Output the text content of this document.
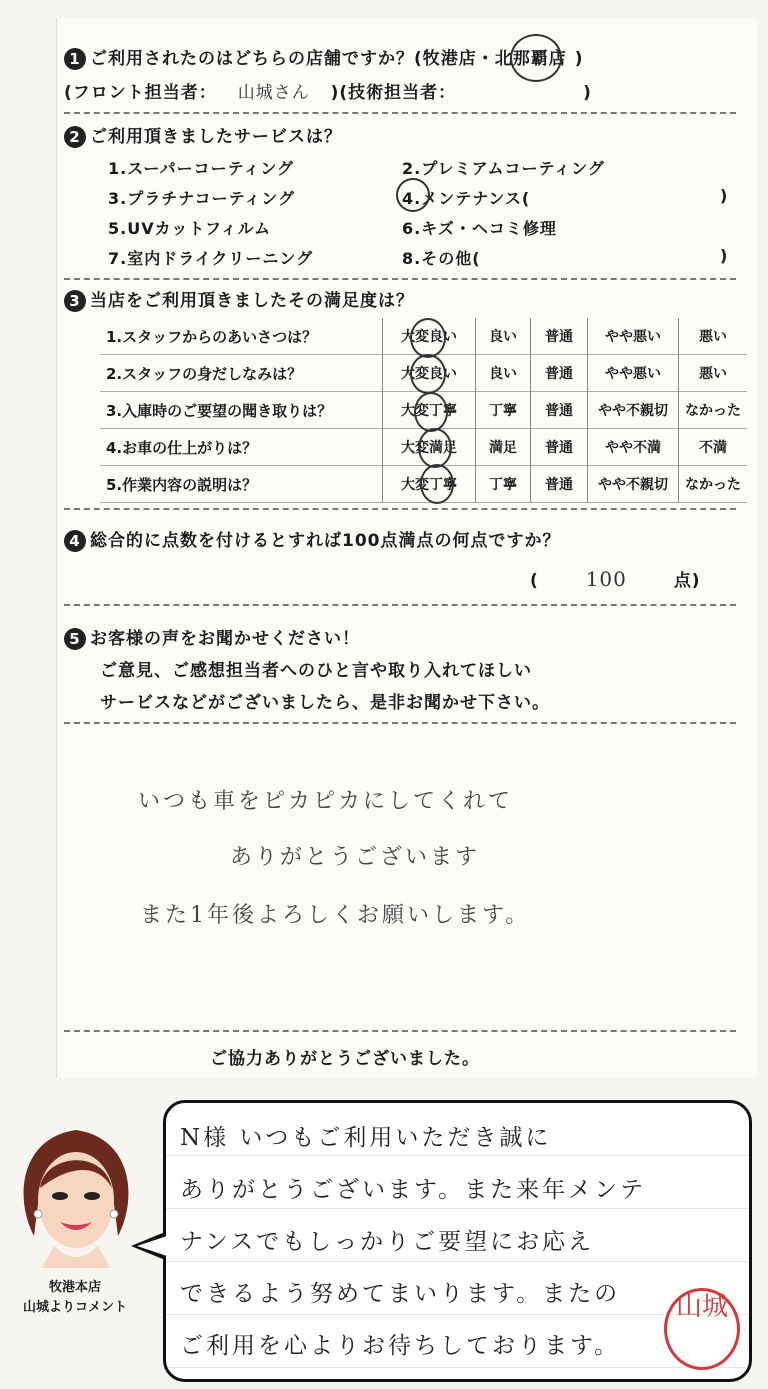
1 ご利用されたのはどちらの店舗ですか？(牧港店・北那覇店 )
(フロント担当者： 山城さん )(技術担当者：	)
2 ご利用頂きましたサービスは？
1.スーパーコーティング	2.プレミアムコーティング
3.プラチナコーティング	4.メンテナンス(	)
5.UVカットフィルム	6.キズ・ヘコミ修理
7.室内ドライクリーニング	8.その他(	)
3 当店をご利用頂きましたその満足度は？
1.スタッフからのあいさつは？	大変良い	良い	普通	やや悪い	悪い
2.スタッフの身だしなみは？	大変良い	良い	普通	やや悪い	悪い
3.入庫時のご要望の聞き取りは？	大変丁寧	丁寧	普通	やや不親切	なかった
4.お車の仕上がりは？	大変満足	満足	普通	やや不満	不満
5.作業内容の説明は？	大変丁寧	丁寧	普通	やや不親切	なかった
4 総合的に点数を付けるとすれば100点満点の何点ですか？
( 100	点)
5 お客様の声をお聞かせください！
ご意見、ご感想担当者へのひと言や取り入れてほしい
サービスなどがございましたら、是非お聞かせ下さい。
いつも車をピカピカにしてくれて
ありがとうございます
また1年後よろしくお願いします。
ご協力ありがとうございました。
牧港本店
山城よりコメント
N様 いつもご利用いただき誠に
ありがとうございます。また来年メンテ
ナンスでもしっかりご要望にお応え
できるよう努めてまいります。またの
ご利用を心よりお待ちしております。
山城
